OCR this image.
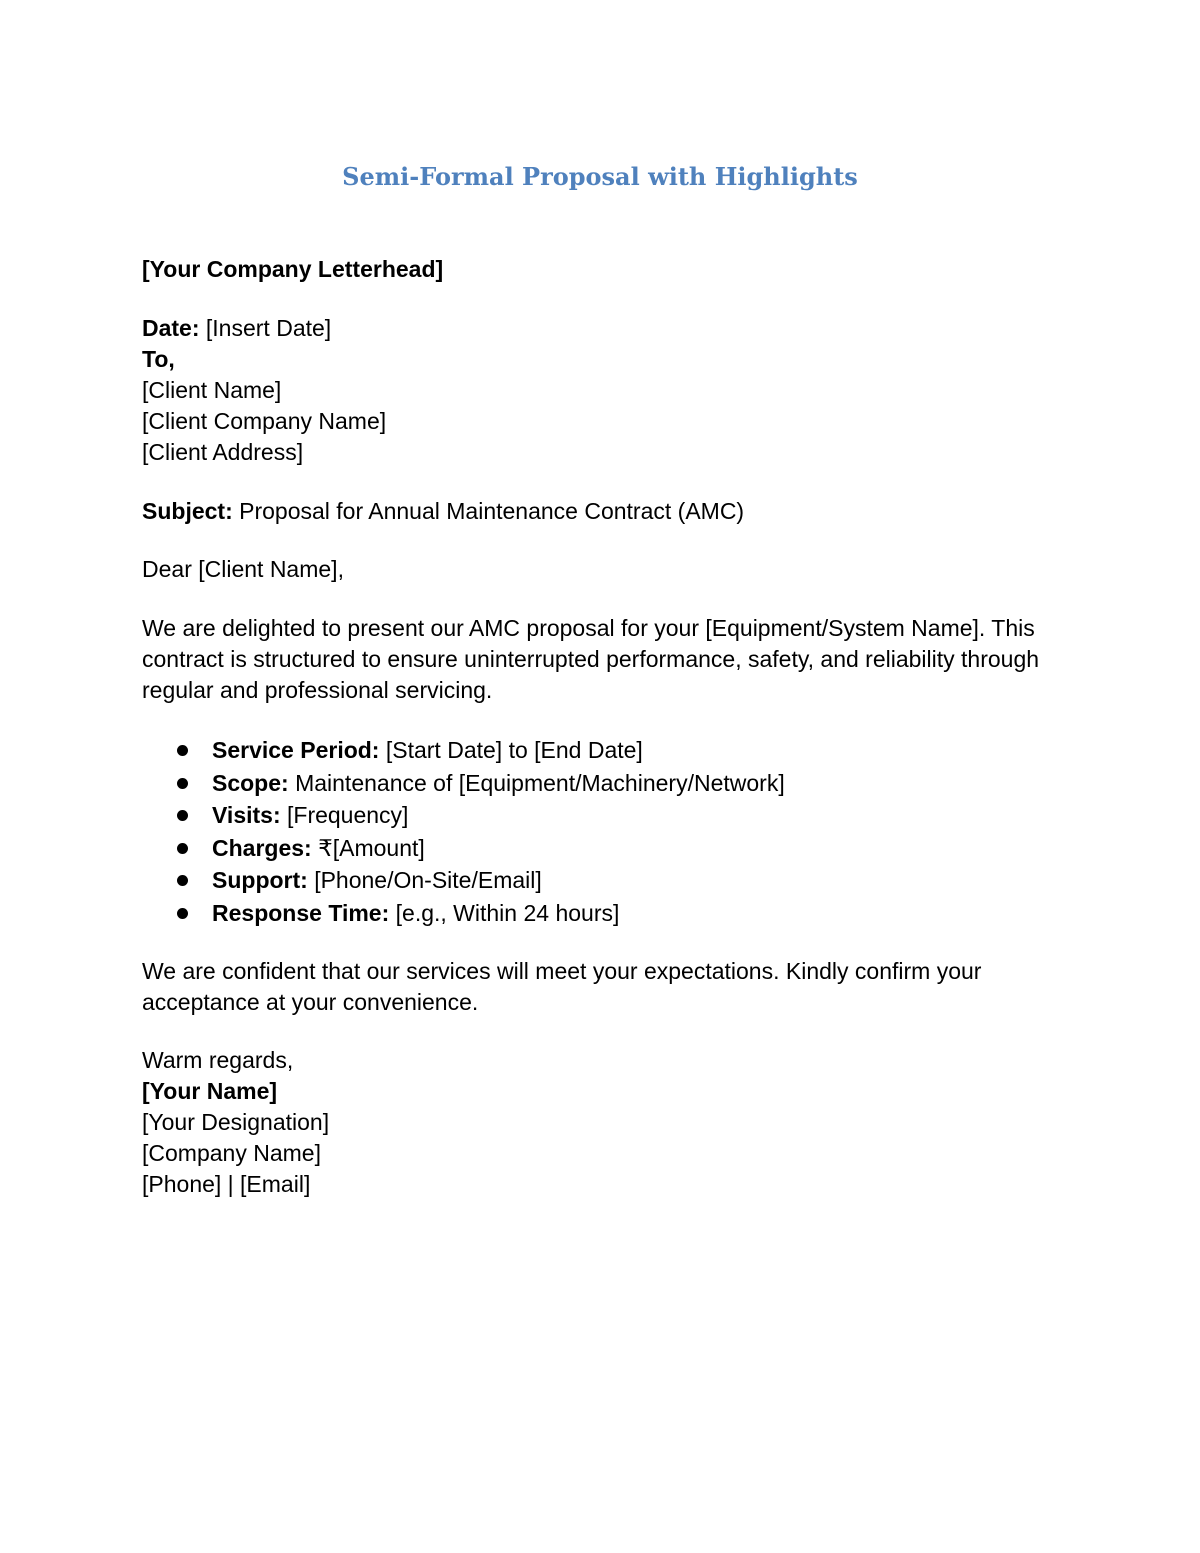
Semi-Formal Proposal with Highlights
[Your Company Letterhead]
Date: [Insert Date]
To,
[Client Name]
[Client Company Name]
[Client Address]
Subject: Proposal for Annual Maintenance Contract (AMC)
Dear [Client Name],
We are delighted to present our AMC proposal for your [Equipment/System Name]. This contract is structured to ensure uninterrupted performance, safety, and reliability through regular and professional servicing.
Service Period: [Start Date] to [End Date]
Scope: Maintenance of [Equipment/Machinery/Network]
Visits: [Frequency]
Charges: ₹[Amount]
Support: [Phone/On-Site/Email]
Response Time: [e.g., Within 24 hours]
We are confident that our services will meet your expectations. Kindly confirm your acceptance at your convenience.
Warm regards,
[Your Name]
[Your Designation]
[Company Name]
[Phone] | [Email]
